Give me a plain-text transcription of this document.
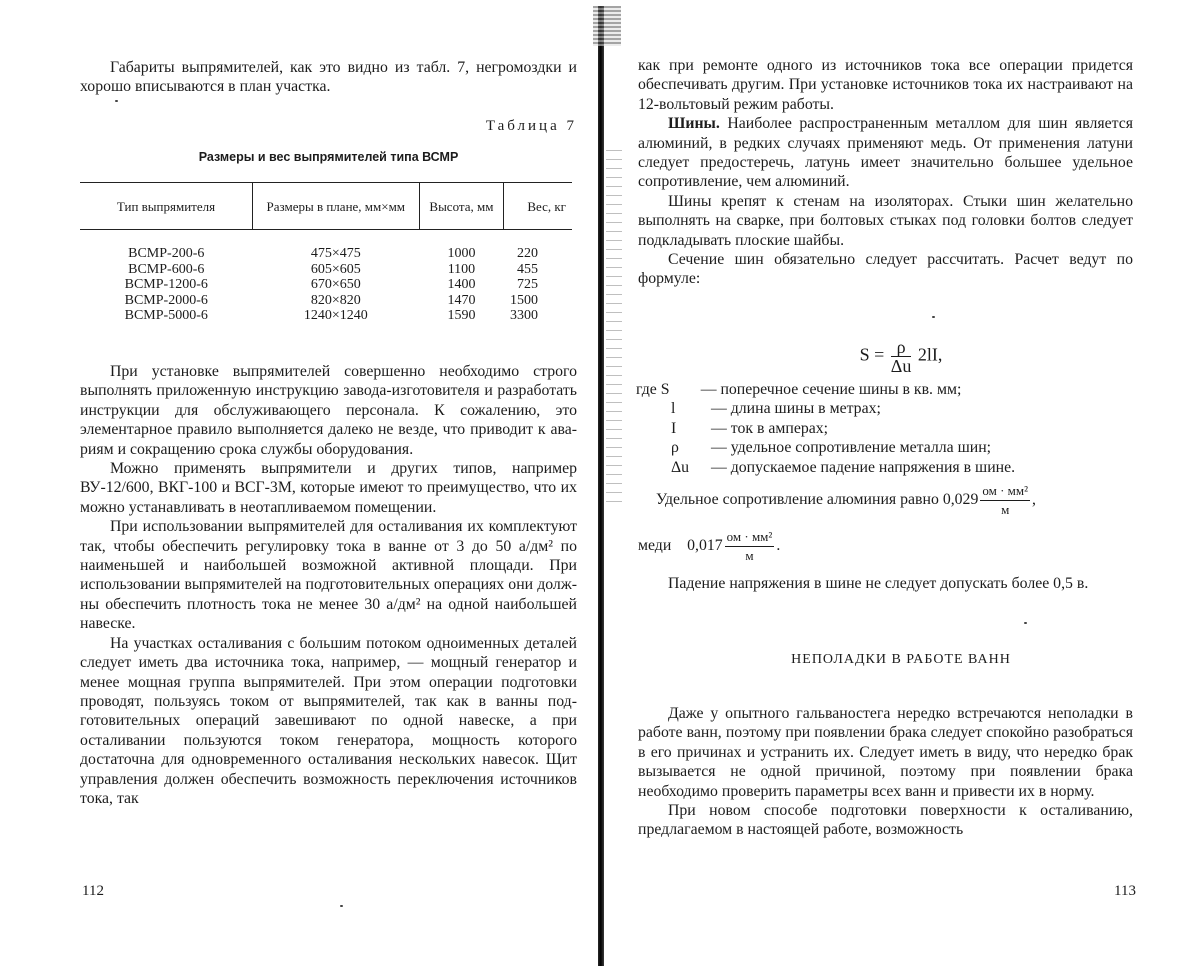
Габариты выпрямителей, как это видно из табл. 7, негромоздки и хорошо вписываются в план участка.

Таблица 7
Размеры и вес выпрямителей типа ВСМР
Тип выпрямителя	Размеры в плане, мм×мм	Высота, мм	Вес, кг
ВСМР-200-6	475×475	1000	220
ВСМР-600-6	605×605	1100	455
ВСМР-1200-6	670×650	1400	725
ВСМР-2000-6	820×820	1470	1500
ВСМР-5000-6	1240×1240	1590	3300

При установке выпрямителей совершенно необходимо строго выполнять приложенную инструкцию завода-изготовителя и разработать инструкции для обслуживающего персонала. К сожалению, это элементарное правило выполняется далеко не везде, что приводит к авариям и сокращению срока службы оборудования.

Можно применять выпрямители и других типов, например ВУ-12/600, ВКГ-100 и ВСГ-3М, которые имеют то преимущество, что их можно устанавливать в неотапливаемом помещении.

При использовании выпрямителей для осталивания их комплектуют так, чтобы обеспечить регулировку тока в ванне от 3 до 50 а/дм² по наименьшей и наибольшей возможной активной площади. При использовании выпрямителей на подготовительных операциях они должны обеспечить плотность тока не менее 30 а/дм² на одной наибольшей навеске.

На участках осталивания с большим потоком одноименных деталей следует иметь два источника тока, например, — мощный генератор и менее мощная группа выпрямителей. При этом операции подготовки проводят, пользуясь током от выпрямителей, так как в ванны подготовительных операций завешивают по одной навеске, а при осталивании пользуются током генератора, мощность которого достаточна для одновременного осталивания нескольких навесок. Щит управления должен обеспечить возможность переключения источников тока, так

112

как при ремонте одного из источников тока все операции придется обеспечивать другим. При установке источников тока их настраивают на 12-вольтовый режим работы.

Шины. Наиболее распространенным металлом для шин является алюминий, в редких случаях применяют медь. От применения латуни следует предостеречь, латунь имеет значительно большее удельное сопротивление, чем алюминий.

Шины крепят к стенам на изоляторах. Стыки шин желательно выполнять на сварке, при болтовых стыках под головки болтов следует подкладывать плоские шайбы.

Сечение шин обязательно следует рассчитать. Расчет ведут по формуле:

$S = \frac{\rho}{\Delta u} 2lI$,
где S — поперечное сечение шины в кв. мм;
l — длина шины в метрах;
I — ток в амперах;
ρ — удельное сопротивление металла шин;
Δu — допускаемое падение напряжения в шине.
Удельное сопротивление алюминия равно $0,029 \frac{\text{ом · мм²}}{м}$ ,
меди $0,017 \frac{\text{ом · мм²}}{м}$ .

Падение напряжения в шине не следует допускать более 0,5 в.

НЕПОЛАДКИ В РАБОТЕ ВАНН

Даже у опытного гальваностега нередко встречаются неполадки в работе ванн, поэтому при появлении брака следует спокойно разобраться в его причинах и устранить их. Следует иметь в виду, что нередко брак вызывается не одной причиной, поэтому при появлении брака необходимо проверить параметры всех ванн и привести их в норму.

При новом способе подготовки поверхности к осталиванию, предлагаемом в настоящей работе, возможность

113
